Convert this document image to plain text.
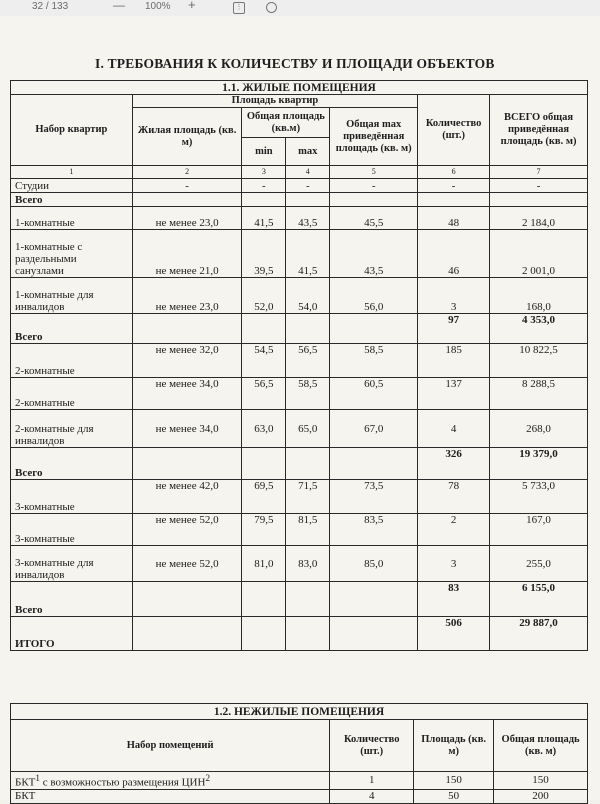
32 / 133	— 100% +	⋮
I. ТРЕБОВАНИЯ К КОЛИЧЕСТВУ И ПЛОЩАДИ ОБЪЕКТОВ
1.1. ЖИЛЫЕ ПОМЕЩЕНИЯ						
Набор квартир	Площадь квартир				Количество (шт.)	ВСЕГО общая приведённая площадь (кв. м)
	Жилая площадь (кв. м)	Общая площадь (кв.м)		Общая max приведённая площадь (кв. м)		
		min	max			
1	2	3	4	5	6	7
Студии	-	-	-	-	-	-
Всего						
1-комнатные	не менее 23,0	41,5	43,5	45,5	48	2 184,0
1-комнатные с раздельными санузлами	не менее 21,0	39,5	41,5	43,5	46	2 001,0
1-комнатные для инвалидов	не менее 23,0	52,0	54,0	56,0	3	168,0
Всего					97	4 353,0
2-комнатные	не менее 32,0	54,5	56,5	58,5	185	10 822,5
2-комнатные	не менее 34,0	56,5	58,5	60,5	137	8 288,5
2-комнатные для инвалидов	не менее 34,0	63,0	65,0	67,0	4	268,0
Всего					326	19 379,0
3-комнатные	не менее 42,0	69,5	71,5	73,5	78	5 733,0
3-комнатные	не менее 52,0	79,5	81,5	83,5	2	167,0
3-комнатные для инвалидов	не менее 52,0	81,0	83,0	85,0	3	255,0
Всего					83	6 155,0
ИТОГО					506	29 887,0
1.2. НЕЖИЛЫЕ ПОМЕЩЕНИЯ			
Набор помещений	Количество (шт.)	Площадь (кв. м)	Общая площадь (кв. м)
БКТ$^1$ с возможностью размещения ЦИН$^2$	1	150	150
БКТ	4	50	200
